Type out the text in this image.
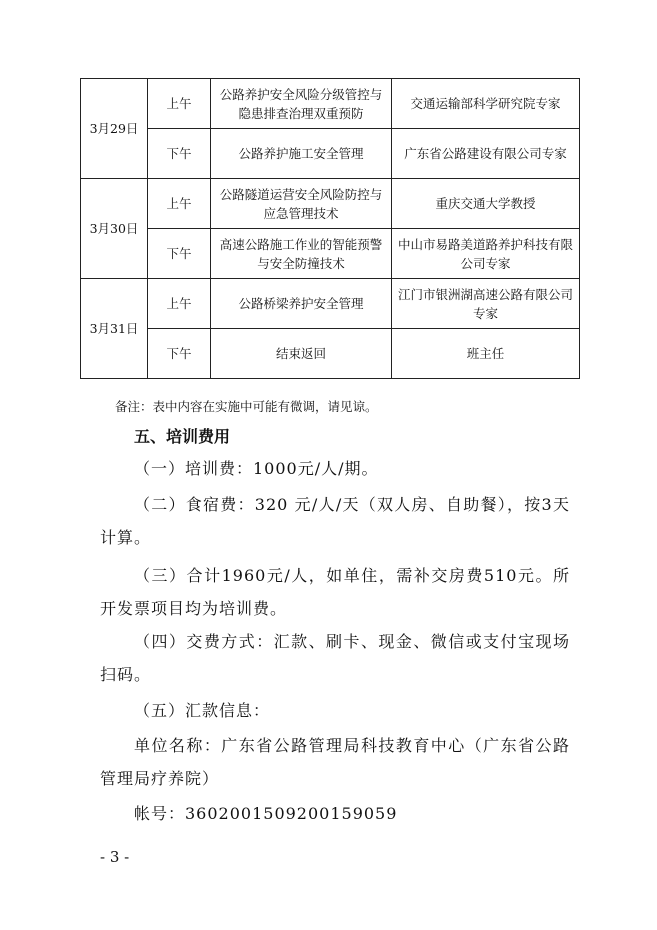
3月29日	上午	公路养护安全风险分级管控与隐患排查治理双重预防	交通运输部科学研究院专家
	下午	公路养护施工安全管理	广东省公路建设有限公司专家
3月30日	上午	公路隧道运营安全风险防控与应急管理技术	重庆交通大学教授
	下午	高速公路施工作业的智能预警与安全防撞技术	中山市易路美道路养护科技有限公司专家
3月31日	上午	公路桥梁养护安全管理	江门市银洲湖高速公路有限公司专家
	下午	结束返回	班主任
备注：表中内容在实施中可能有微调，请见谅。
五、培训费用

（一）培训费：1000元/人/期。

（二）食宿费：320 元/人/天（双人房、自助餐），按3天计算。

（三）合计1960元/人，如单住，需补交房费510元。所开发票项目均为培训费。

（四）交费方式：汇款、刷卡、现金、微信或支付宝现场扫码。

（五）汇款信息：

单位名称：广东省公路管理局科技教育中心（广东省公路管理局疗养院）

帐号：36020015092001590​59

- 3 -
